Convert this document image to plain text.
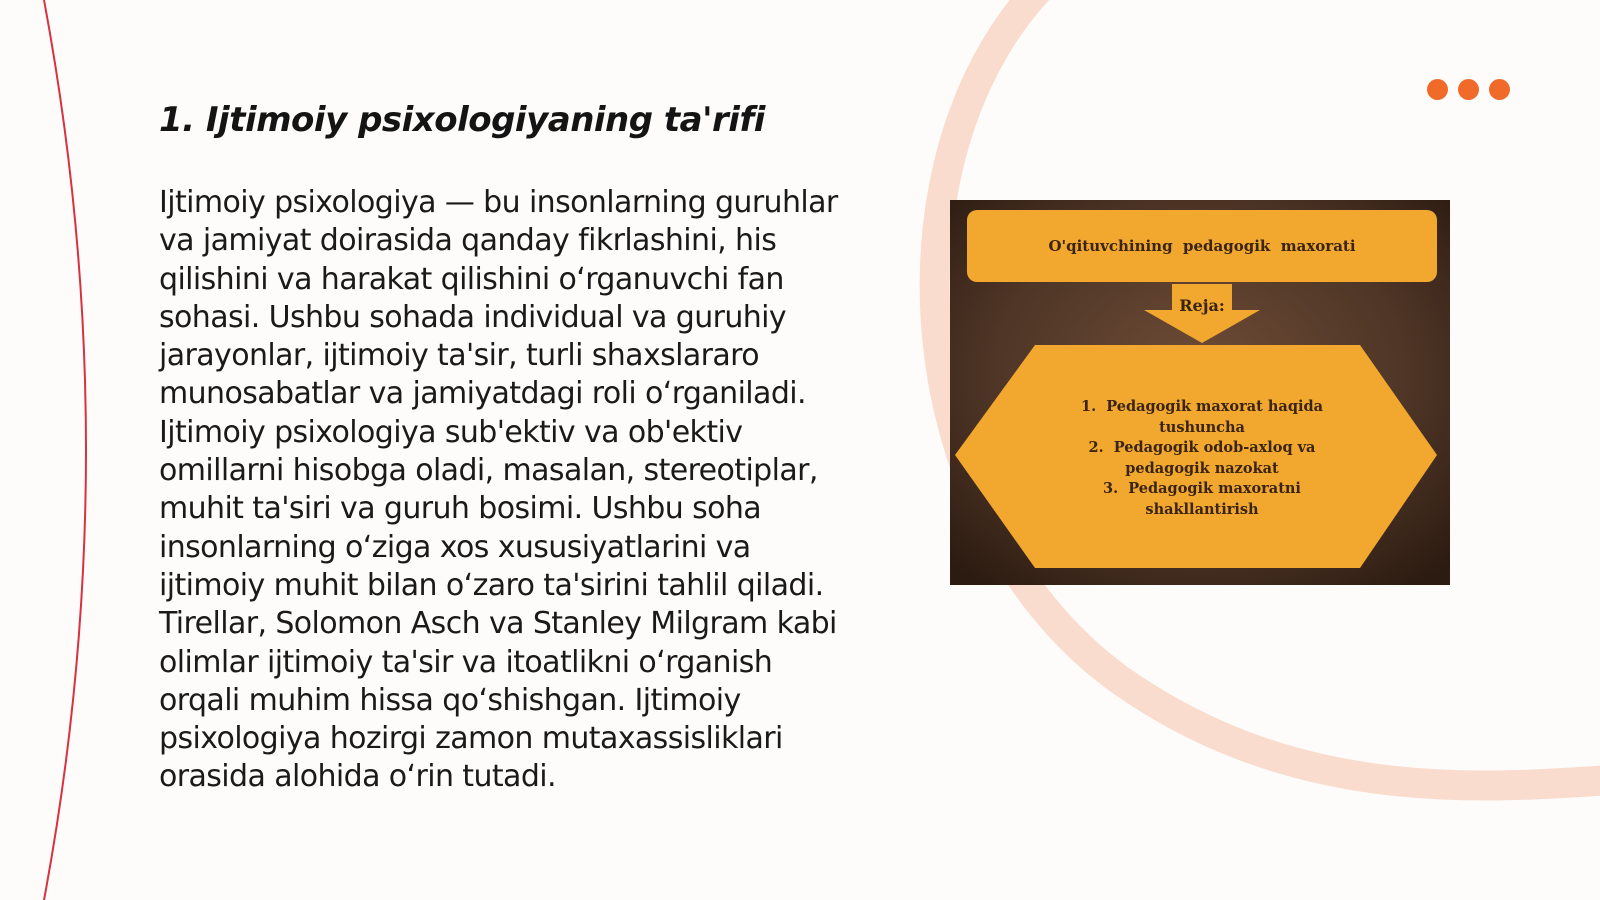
1. Ijtimoiy psixologiyaning ta'rifi

Ijtimoiy psixologiya — bu insonlarning guruhlar va jamiyat doirasida qanday fikrlashini, his qilishini va harakat qilishini o‘rganuvchi fan sohasi. Ushbu sohada individual va guruhiy jarayonlar, ijtimoiy ta'sir, turli shaxslararo munosabatlar va jamiyatdagi roli o‘rganiladi. Ijtimoiy psixologiya sub'ektiv va ob'ektiv omillarni hisobga oladi, masalan, stereotiplar, muhit ta'siri va guruh bosimi. Ushbu soha insonlarning o‘ziga xos xususiyatlarini va ijtimoiy muhit bilan o‘zaro ta'sirini tahlil qiladi. Tirellar, Solomon Asch va Stanley Milgram kabi olimlar ijtimoiy ta'sir va itoatlikni o‘rganish orqali muhim hissa qo‘shishgan. Ijtimoiy psixologiya hozirgi zamon mutaxassisliklari orasida alohida o‘rin tutadi.

O'qituvchining  pedagogik  maxorati
Reja:
1.  Pedagogik maxorat haqida
tushuncha
2.  Pedagogik odob-axloq va
pedagogik nazokat
3.  Pedagogik maxoratni
shakllantirish
